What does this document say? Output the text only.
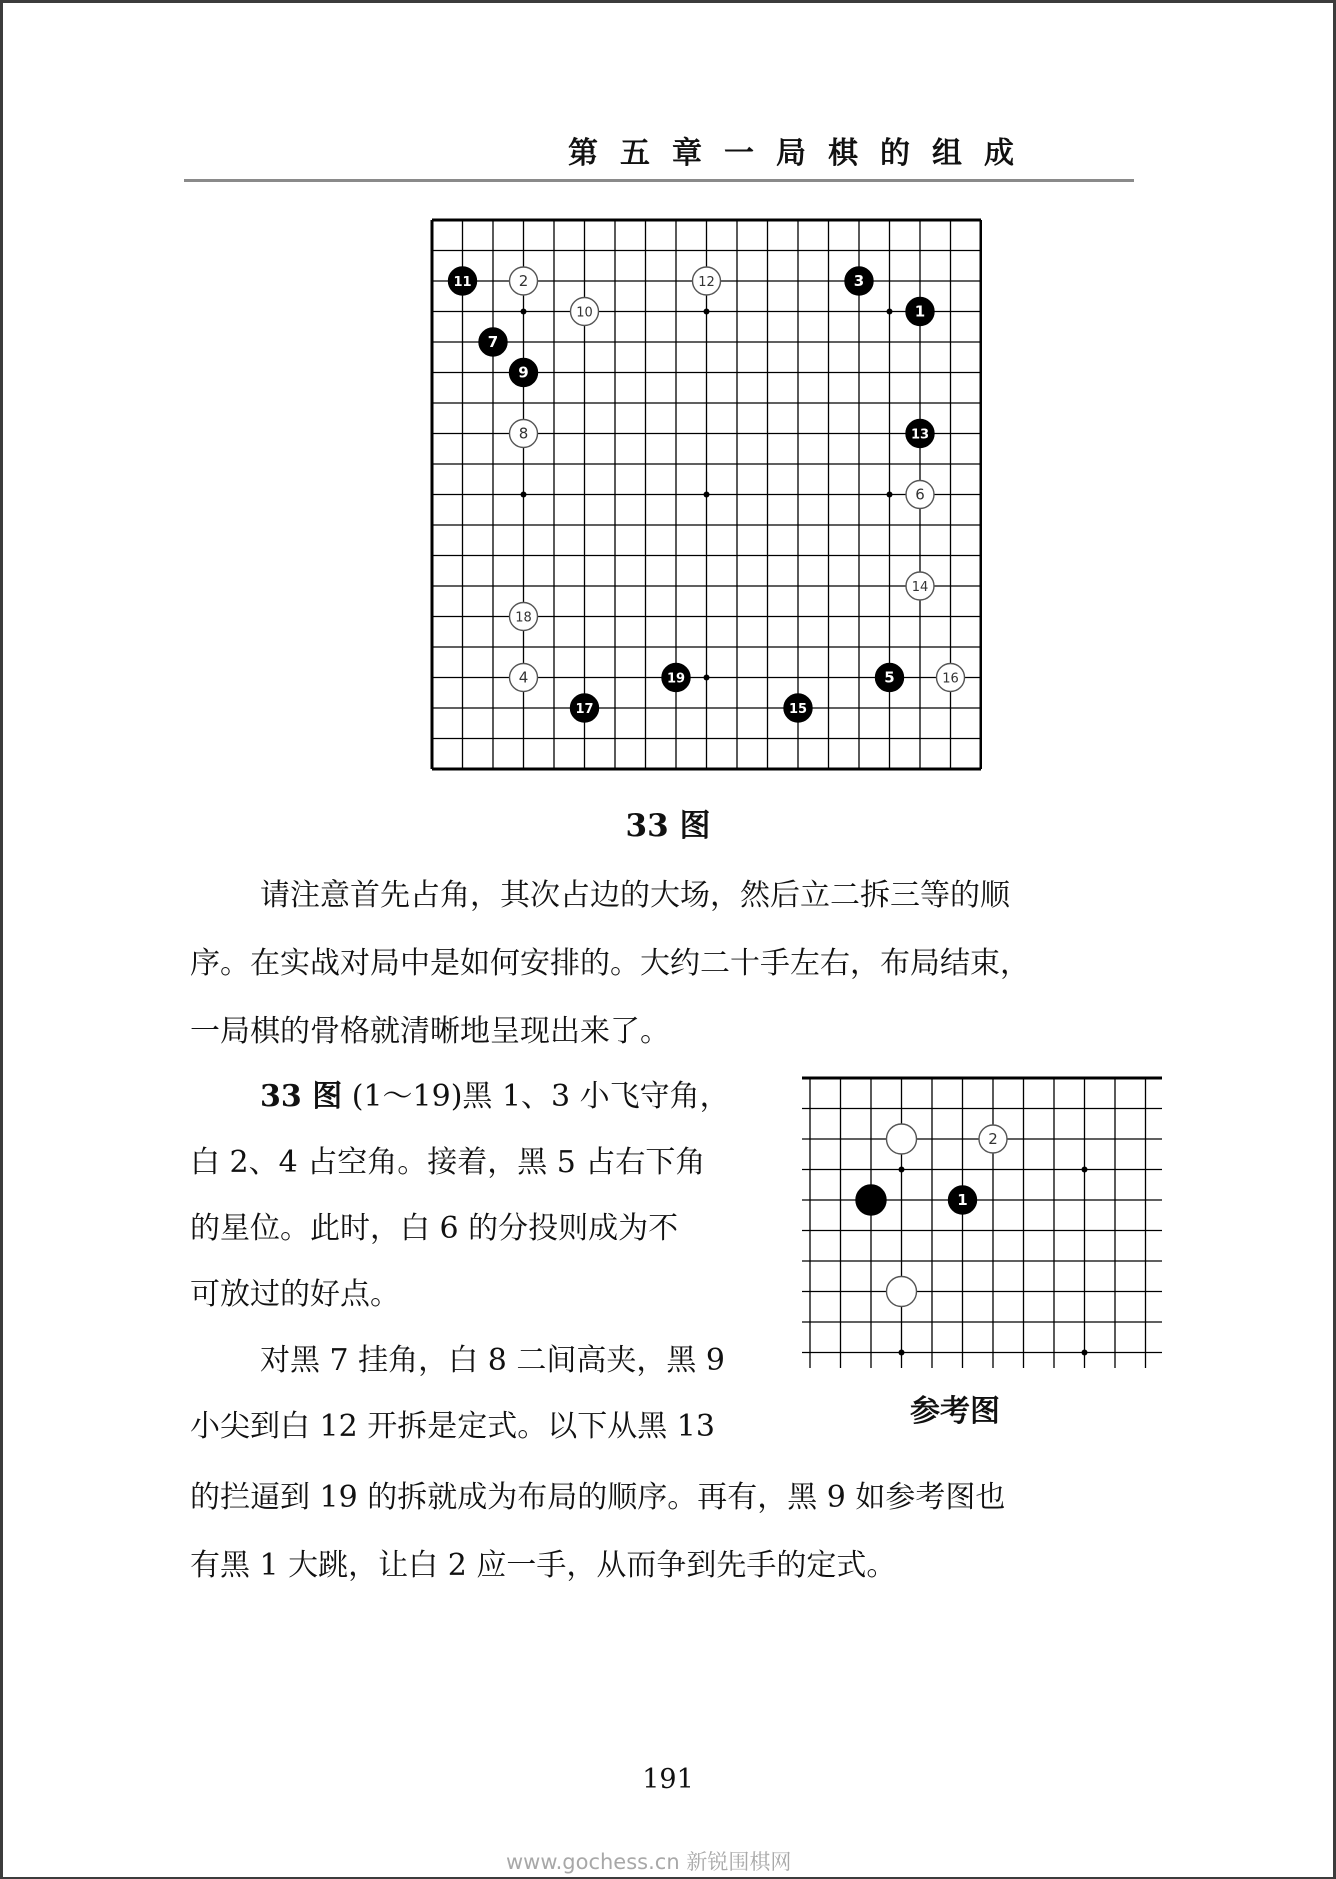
第五章一局棋的组成
1
2	3
4	5
6
7
8
9
10
11	12
13
14
15
16
17
18
19
33 图
请注意首先占角，其次占边的大场，然后立二拆三等的顺
序。在实战对局中是如何安排的。大约二十手左右，布局结束，
一局棋的骨格就清晰地呈现出来了。

33 图 (1～19)黑 1、3 小飞守角，

白 2、4 占空角。接着，黑 5 占右下角

的星位。此时，白 6 的分投则成为不

可放过的好点。

对黑 7 挂角，白 8 二间高夹，黑 9

小尖到白 12 开拆是定式。以下从黑 13

的拦逼到 19 的拆就成为布局的顺序。再有，黑 9 如参考图也
有黑 1 大跳，让白 2 应一手，从而争到先手的定式。
2
1
参考图
191
www.gochess.cn 新锐围棋网
